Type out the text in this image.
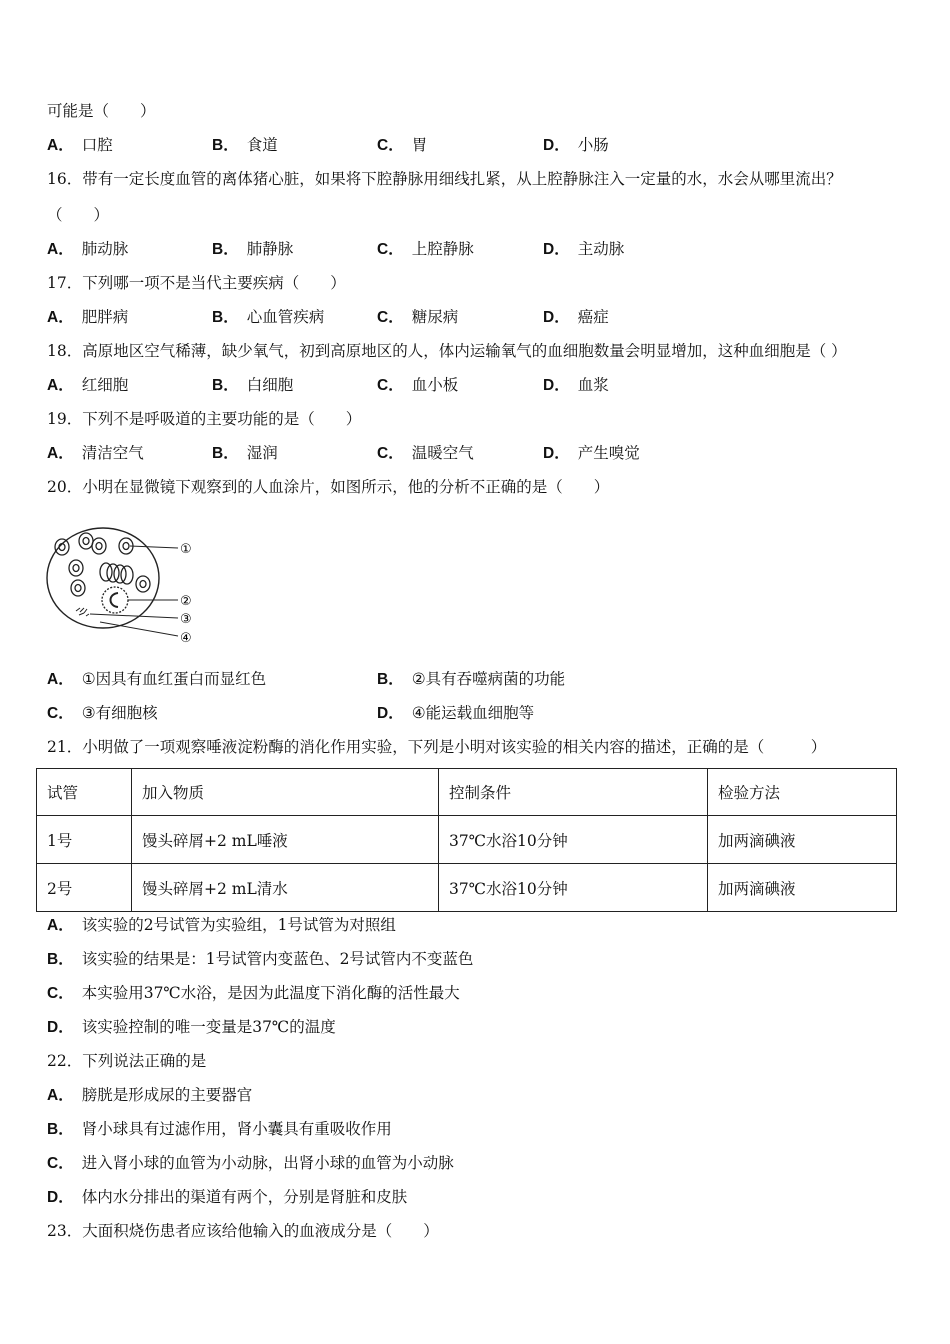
可能是（　　）
A． 口腔	B． 食道	C． 胃	D． 小肠
16．带有一定长度血管的离体猪心脏，如果将下腔静脉用细线扎紧，从上腔静脉注入一定量的水，水会从哪里流出？
（　　）
A． 肺动脉	B． 肺静脉	C． 上腔静脉	D． 主动脉
17．下列哪一项不是当代主要疾病（　　）
A． 肥胖病	B． 心血管疾病	C． 糖尿病	D． 癌症
18．高原地区空气稀薄，缺少氧气，初到高原地区的人，体内运输氧气的血细胞数量会明显增加，这种血细胞是（ ）
A． 红细胞	B． 白细胞	C． 血小板	D． 血浆
19．下列不是呼吸道的主要功能的是（　　）
A． 清洁空气	B． 湿润	C． 温暖空气	D． 产生嗅觉
20．小明在显微镜下观察到的人血涂片，如图所示，他的分析不正确的是（　　）
①
②
③
④
A． ①因具有血红蛋白而显红色	B． ②具有吞噬病菌的功能
C． ③有细胞核	D． ④能运载血细胞等
21．小明做了一项观察唾液淀粉酶的消化作用实验，下列是小明对该实验的相关内容的描述，正确的是（　　　）
试管	加入物质	控制条件	检验方法
1号	馒头碎屑+2 mL唾液	37℃水浴10分钟	加两滴碘液
2号	馒头碎屑+2 mL清水	37℃水浴10分钟	加两滴碘液
A． 该实验的2号试管为实验组，1号试管为对照组
B． 该实验的结果是：1号试管内变蓝色、2号试管内不变蓝色
C． 本实验用37℃水浴，是因为此温度下消化酶的活性最大
D． 该实验控制的唯一变量是37℃的温度
22．下列说法正确的是
A． 膀胱是形成尿的主要器官
B． 肾小球具有过滤作用，肾小囊具有重吸收作用
C． 进入肾小球的血管为小动脉，出肾小球的血管为小动脉
D． 体内水分排出的渠道有两个，分别是肾脏和皮肤
23．大面积烧伤患者应该给他输入的血液成分是（　　）
